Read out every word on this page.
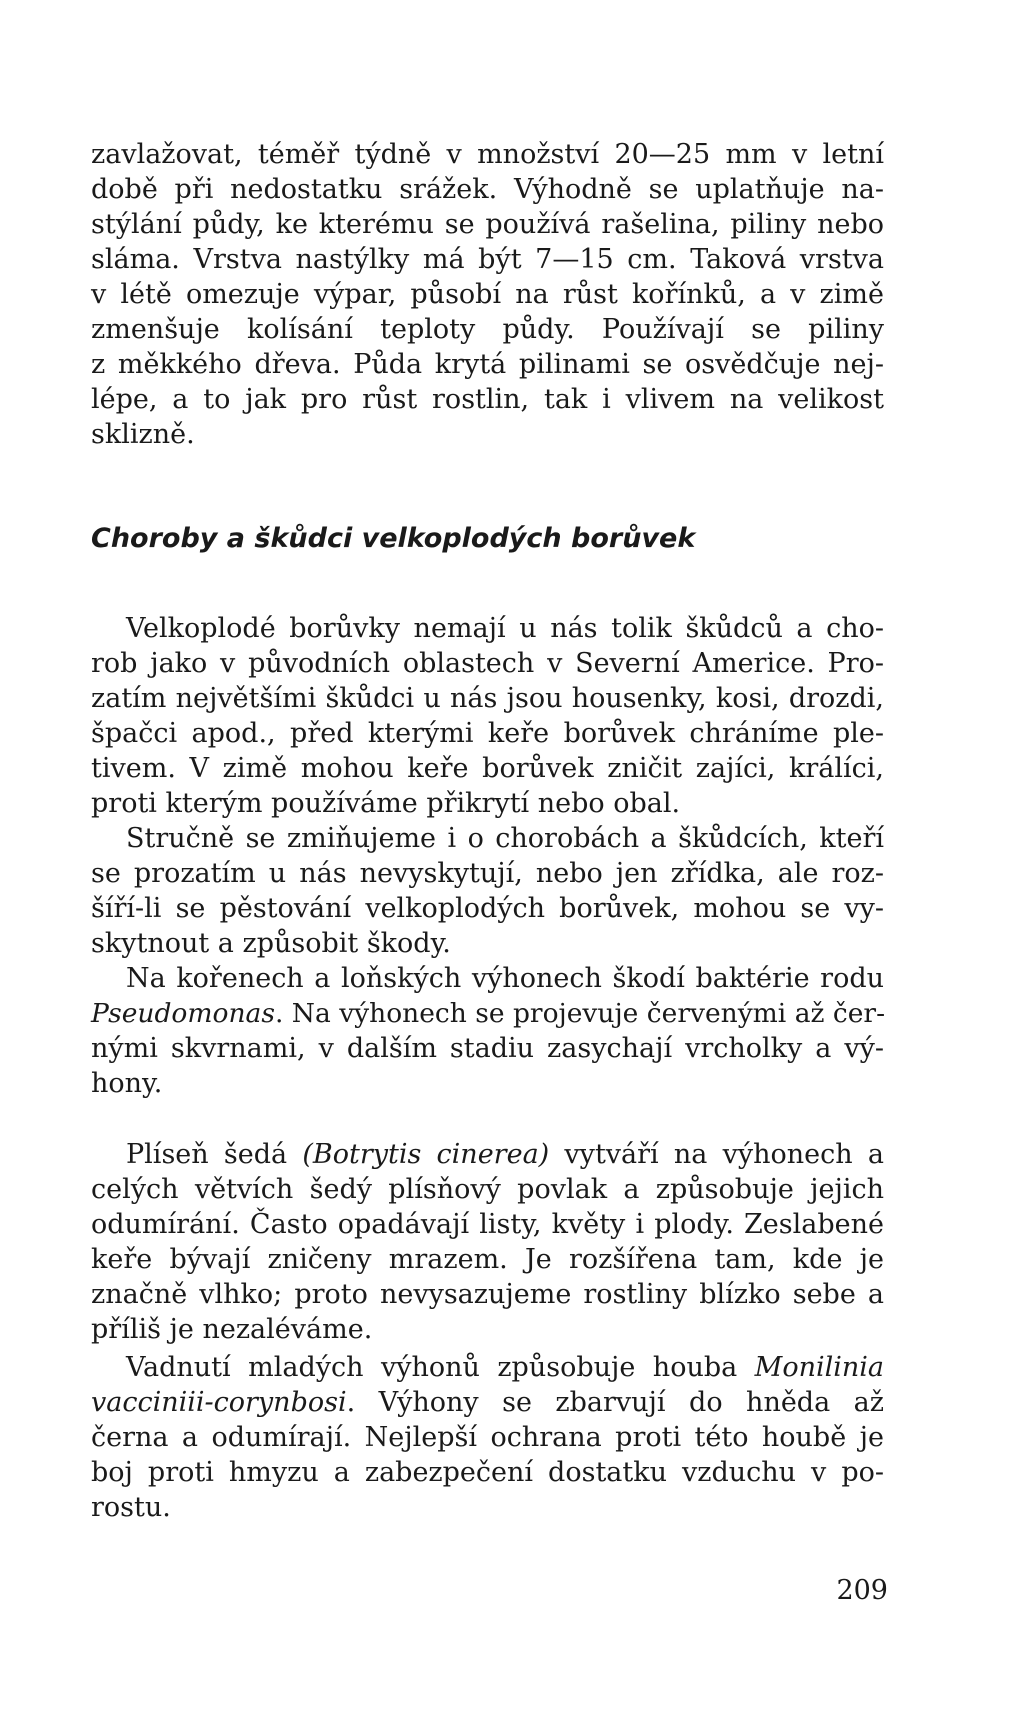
zavlažovat, téměř týdně v množství 20—25 mm v letní
době při nedostatku srážek. Výhodně se uplatňuje na-
stýlání půdy, ke kterému se používá rašelina, piliny nebo
sláma. Vrstva nastýlky má být 7—15 cm. Taková vrstva
v létě omezuje výpar, působí na růst kořínků, a v zimě
zmenšuje kolísání teploty půdy. Používají se piliny
z měkkého dřeva. Půda krytá pilinami se osvědčuje nej-
lépe, a to jak pro růst rostlin, tak i vlivem na velikost
sklizně.
Choroby a škůdci velkoplodých borůvek
Velkoplodé borůvky nemají u nás tolik škůdců a cho-
rob jako v původních oblastech v Severní Americe. Pro-
zatím největšími škůdci u nás jsou housenky, kosi, drozdi,
špačci apod., před kterými keře borůvek chráníme ple-
tivem. V zimě mohou keře borůvek zničit zajíci, králíci,
proti kterým používáme přikrytí nebo obal.
Stručně se zmiňujeme i o chorobách a škůdcích, kteří
se prozatím u nás nevyskytují, nebo jen zřídka, ale roz-
šíří-li se pěstování velkoplodých borůvek, mohou se vy-
skytnout a způsobit škody.
Na kořenech a loňských výhonech škodí baktérie rodu
Pseudomonas. Na výhonech se projevuje červenými až čer-
nými skvrnami, v dalším stadiu zasychají vrcholky a vý-
hony.
Plíseň šedá (Botrytis cinerea) vytváří na výhonech a
celých větvích šedý plísňový povlak a způsobuje jejich
odumírání. Často opadávají listy, květy i plody. Zeslabené
keře bývají zničeny mrazem. Je rozšířena tam, kde je
značně vlhko; proto nevysazujeme rostliny blízko sebe a
příliš je nezaléváme.
Vadnutí mladých výhonů způsobuje houba Monilinia
vacciniii-corynbosi. Výhony se zbarvují do hněda až
černa a odumírají. Nejlepší ochrana proti této houbě je
boj proti hmyzu a zabezpečení dostatku vzduchu v po-
rostu.
209
